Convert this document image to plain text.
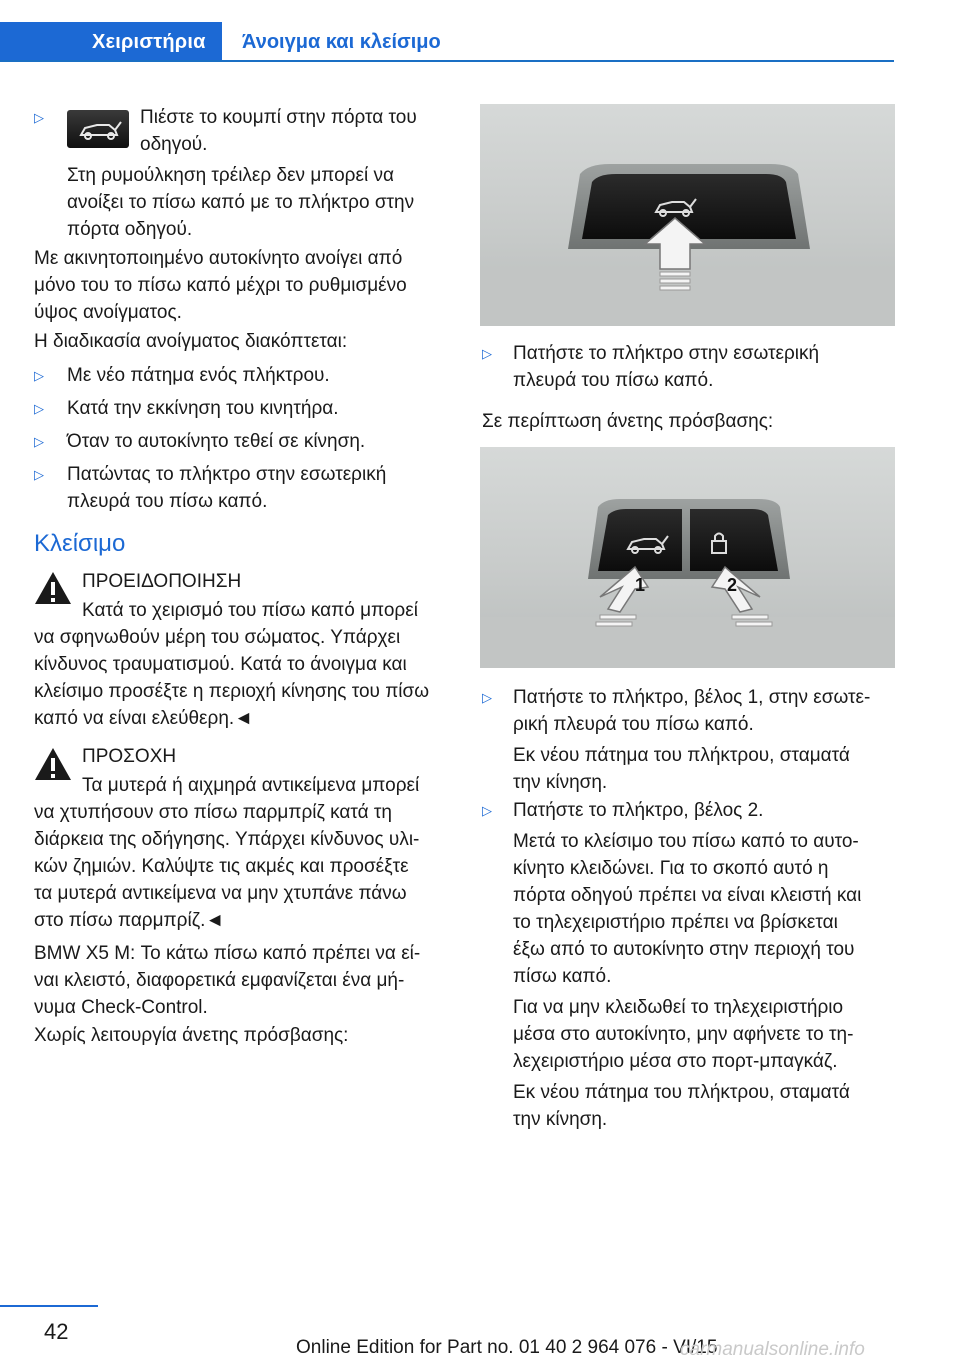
Χειριστήρια	Άνοιγμα και κλείσιμο
▷	Πιέστε το κουμπί στην πόρτα του
οδηγού.
Στη ρυμούλκηση τρέιλερ δεν μπορεί να
ανοίξει το πίσω καπό με το πλήκτρο στην
πόρτα οδηγού.
Με ακινητοποιημένο αυτοκίνητο ανοίγει από
μόνο του το πίσω καπό μέχρι το ρυθμισμένο
ύψος ανοίγματος.
Η διαδικασία ανοίγματος διακόπτεται:
▷ Με νέο πάτημα ενός πλήκτρου.
▷ Κατά την εκκίνηση του κινητήρα.
▷ Όταν το αυτοκίνητο τεθεί σε κίνηση.
▷ Πατώντας το πλήκτρο στην εσωτερική
πλευρά του πίσω καπό.
Κλείσιμο
ΠΡΟΕΙΔΟΠΟΙΗΣΗ
Κατά το χειρισμό του πίσω καπό μπορεί
να σφηνωθούν μέρη του σώματος. Υπάρχει
κίνδυνος τραυματισμού. Κατά το άνοιγμα και
κλείσιμο προσέξτε η περιοχή κίνησης του πίσω
καπό να είναι ελεύθερη.◄
ΠΡΟΣΟΧΗ
Τα μυτερά ή αιχμηρά αντικείμενα μπορεί
να χτυπήσουν στο πίσω παρμπρίζ κατά τη
διάρκεια της οδήγησης. Υπάρχει κίνδυνος υλι-
κών ζημιών. Καλύψτε τις ακμές και προσέξτε
τα μυτερά αντικείμενα να μην χτυπάνε πάνω
στο πίσω παρμπρίζ.◄
BMW X5 M: Το κάτω πίσω καπό πρέπει να εί-
ναι κλειστό, διαφορετικά εμφανίζεται ένα μή-
νυμα Check-Control.
Χωρίς λειτουργία άνετης πρόσβασης:
▷ Πατήστε το πλήκτρο στην εσωτερική
πλευρά του πίσω καπό.
Σε περίπτωση άνετης πρόσβασης:
1	2
▷ Πατήστε το πλήκτρο, βέλος 1, στην εσωτε-
ρική πλευρά του πίσω καπό.
Εκ νέου πάτημα του πλήκτρου, σταματά
την κίνηση.
▷ Πατήστε το πλήκτρο, βέλος 2.
Μετά το κλείσιμο του πίσω καπό το αυτο-
κίνητο κλειδώνει. Για το σκοπό αυτό η
πόρτα οδηγού πρέπει να είναι κλειστή και
το τηλεχειριστήριο πρέπει να βρίσκεται
έξω από το αυτοκίνητο στην περιοχή του
πίσω καπό.
Για να μην κλειδωθεί το τηλεχειριστήριο
μέσα στο αυτοκίνητο, μην αφήνετε το τη-
λεχειριστήριο μέσα στο πορτ-μπαγκάζ.
Εκ νέου πάτημα του πλήκτρου, σταματά
την κίνηση.
42
Online Edition for Part no. 01 40 2 964 076 - VI/15
carmanualsonline.info
